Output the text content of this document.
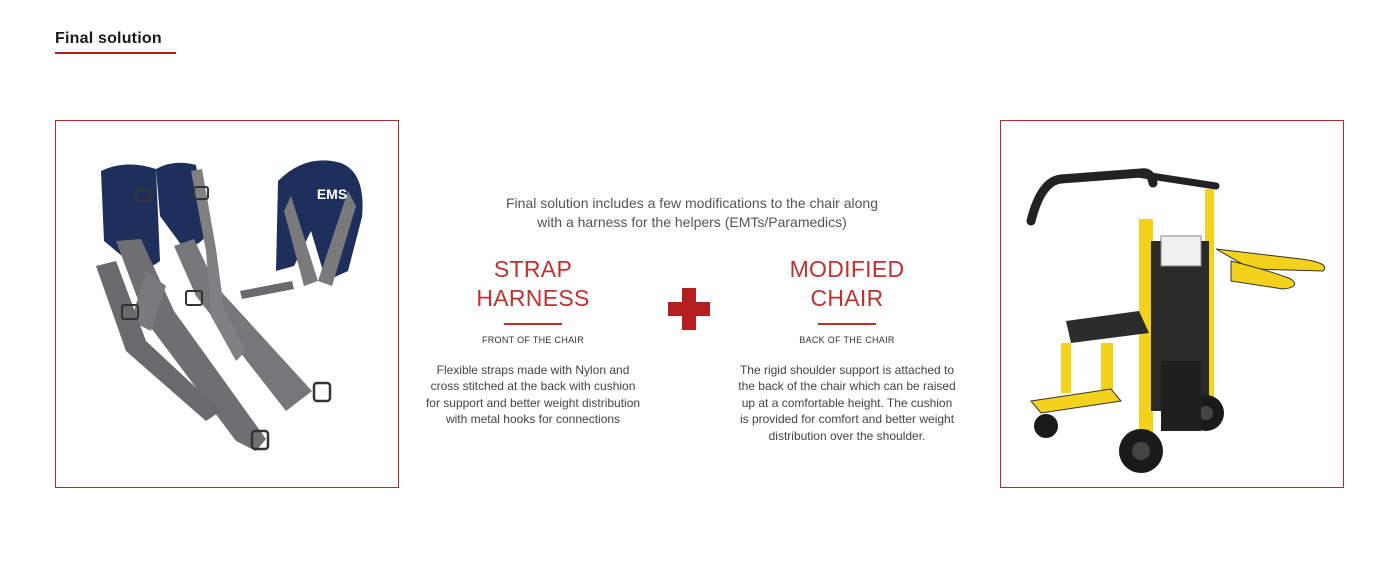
Final solution
EMS
Final solution includes a few modifications to the chair along
with a harness for the helpers (EMTs/Paramedics)
STRAP
HARNESS
FRONT OF THE CHAIR
Flexible straps made with Nylon and
cross stitched at the back with cushion
for support and better weight distribution
with metal hooks for connections
MODIFIED
CHAIR
BACK OF THE CHAIR
The rigid shoulder support is attached to
the back of the chair which can be raised
up at a comfortable height. The cushion
is provided for comfort and better weight
distribution over the shoulder.
